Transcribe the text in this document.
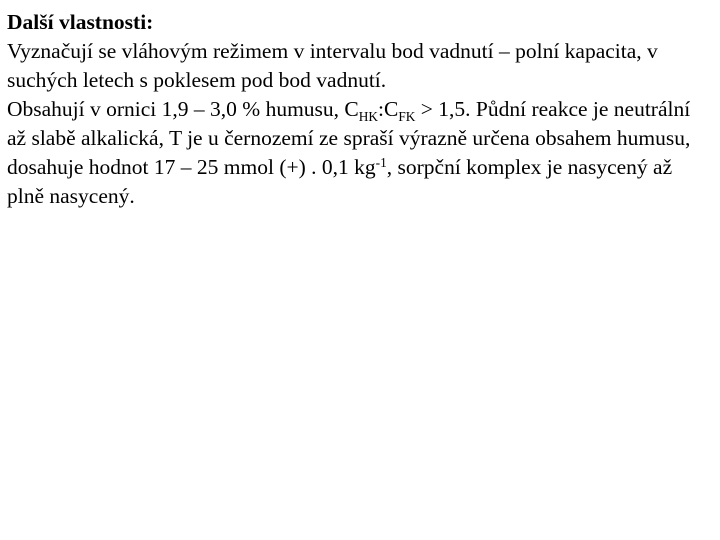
Další vlastnosti:

Vyznačují se vláhovým režimem v intervalu bod vadnutí – polní kapacita, v suchých letech s poklesem pod bod vadnutí.

Obsahují v ornici 1,9 – 3,0 % humusu, $C_{HK}:C_{FK} > 1,5$. Půdní reakce je neutrální až slabě alkalická, T je u černozemí ze spraší výrazně určena obsahem humusu, dosahuje hodnot 17 – 25 mmol (+) . 0,1 $kg^{-1}$, sorpční komplex je nasycený až plně nasycený.
